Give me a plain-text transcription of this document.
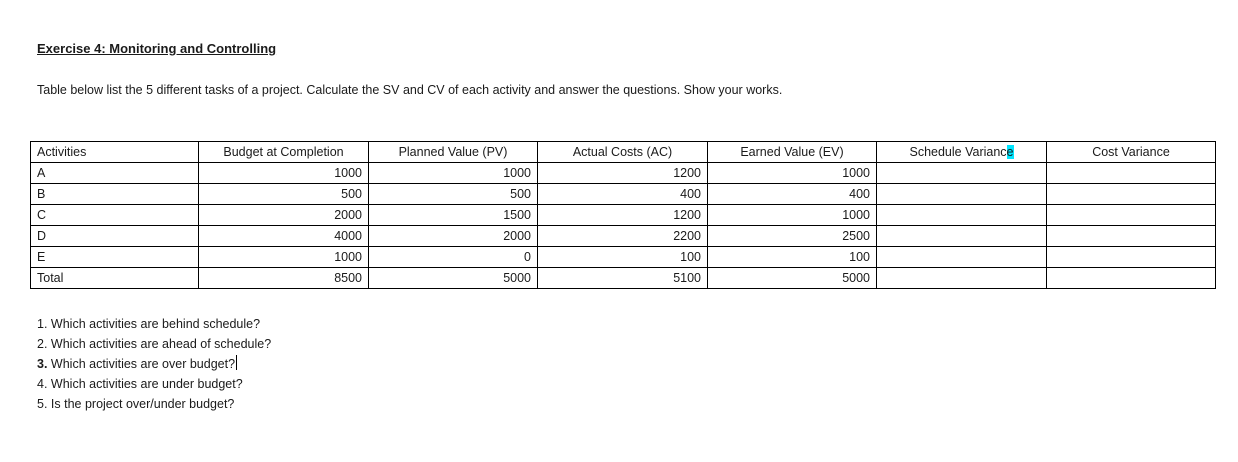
Exercise 4: Monitoring and Controlling
Table below list the 5 different tasks of a project. Calculate the SV and CV of each activity and answer the questions. Show your works.
Activities	Budget at Completion	Planned Value (PV)	Actual Costs (AC)	Earned Value (EV)	Schedule Variance	Cost Variance
A	1000	1000	1200	1000		
B	500	500	400	400		
C	2000	1500	1200	1000		
D	4000	2000	2200	2500		
E	1000	0	100	100		
Total	8500	5000	5100	5000		
1. Which activities are behind schedule?
2. Which activities are ahead of schedule?
3. Which activities are over budget?
4. Which activities are under budget?
5. Is the project over/under budget?
